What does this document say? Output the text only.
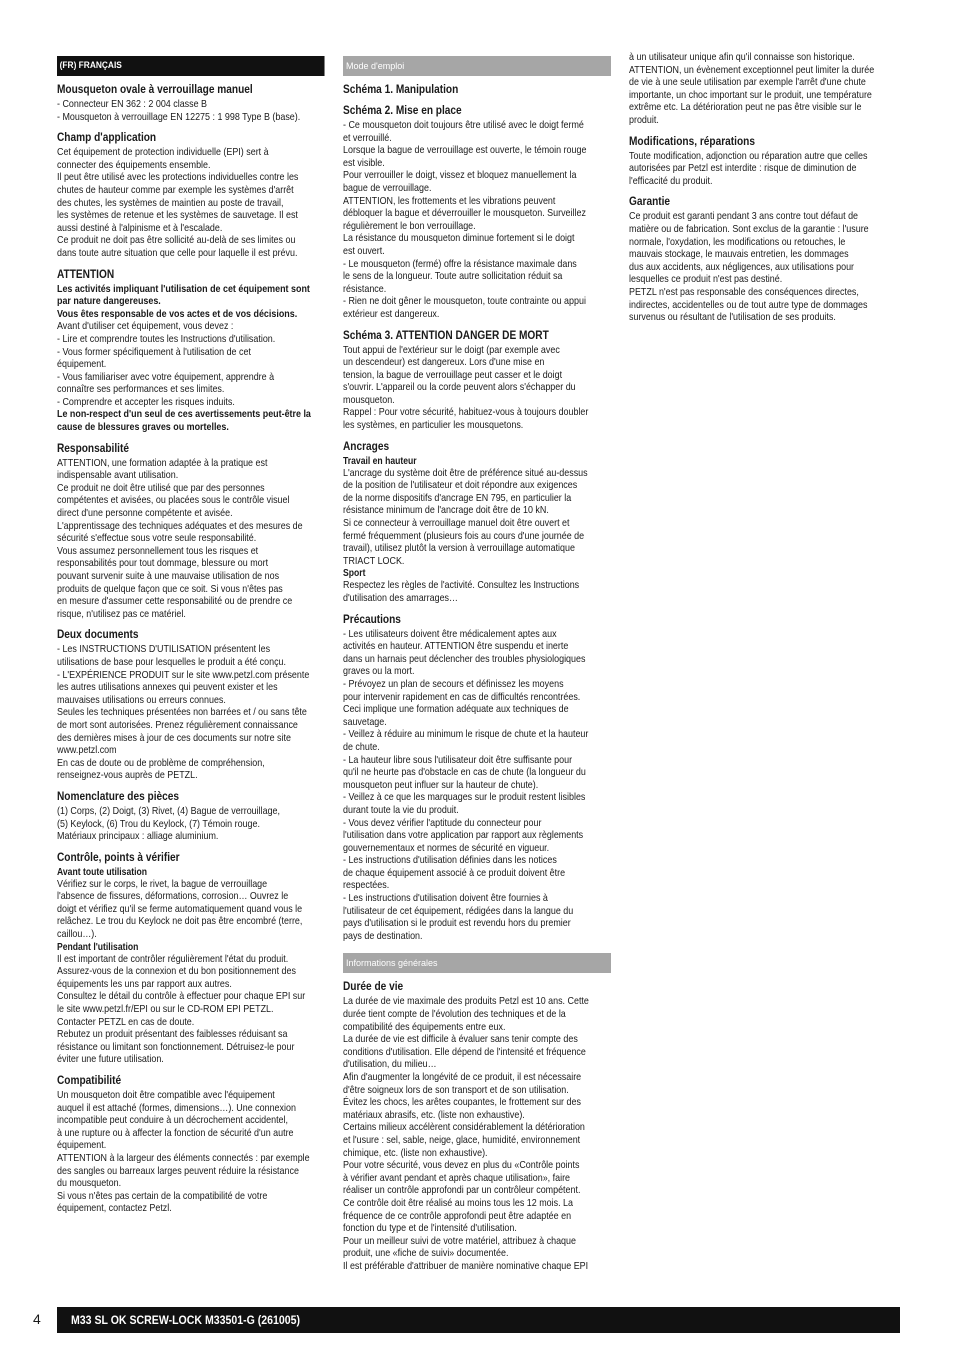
(FR) FRANÇAIS
Mousqueton ovale à verrouillage manuel
- Connecteur EN 362 : 2 004 classe B
- Mousqueton à verrouillage EN 12275 : 1 998 Type B (base).
Champ d'application
Cet équipement de protection individuelle (EPI) sert à
connecter des équipements ensemble.
Il peut être utilisé avec les protections individuelles contre les
chutes de hauteur comme par exemple les systèmes d'arrêt
des chutes, les systèmes de maintien au poste de travail,
les systèmes de retenue et les systèmes de sauvetage. Il est
aussi destiné à l'alpinisme et à l'escalade.
Ce produit ne doit pas être sollicité au-delà de ses limites ou
dans toute autre situation que celle pour laquelle il est prévu.
ATTENTION
Les activités impliquant l'utilisation de cet équipement sont
par nature dangereuses.
Vous êtes responsable de vos actes et de vos décisions.
Avant d'utiliser cet équipement, vous devez :
- Lire et comprendre toutes les Instructions d'utilisation.
- Vous former spécifiquement à l'utilisation de cet
équipement.
- Vous familiariser avec votre équipement, apprendre à
connaître ses performances et ses limites.
- Comprendre et accepter les risques induits.
Le non-respect d'un seul de ces avertissements peut-être la
cause de blessures graves ou mortelles.
Responsabilité
ATTENTION, une formation adaptée à la pratique est
indispensable avant utilisation.
Ce produit ne doit être utilisé que par des personnes
compétentes et avisées, ou placées sous le contrôle visuel
direct d'une personne compétente et avisée.
L'apprentissage des techniques adéquates et des mesures de
sécurité s'effectue sous votre seule responsabilité.
Vous assumez personnellement tous les risques et
responsabilités pour tout dommage, blessure ou mort
pouvant survenir suite à une mauvaise utilisation de nos
produits de quelque façon que ce soit. Si vous n'êtes pas
en mesure d'assumer cette responsabilité ou de prendre ce
risque, n'utilisez pas ce matériel.
Deux documents
- Les INSTRUCTIONS D'UTILISATION présentent les
utilisations de base pour lesquelles le produit a été conçu.
- L'EXPÉRIENCE PRODUIT sur le site www.petzl.com présente
les autres utilisations annexes qui peuvent exister et les
mauvaises utilisations ou erreurs connues.
Seules les techniques présentées non barrées et / ou sans tête
de mort sont autorisées. Prenez régulièrement connaissance
des dernières mises à jour de ces documents sur notre site
www.petzl.com
En cas de doute ou de problème de compréhension,
renseignez-vous auprès de PETZL.
Nomenclature des pièces
(1) Corps, (2) Doigt, (3) Rivet, (4) Bague de verrouillage,
(5) Keylock, (6) Trou du Keylock, (7) Témoin rouge.
Matériaux principaux : alliage aluminium.
Contrôle, points à vérifier
Avant toute utilisation
Vérifiez sur le corps, le rivet, la bague de verrouillage
l'absence de fissures, déformations, corrosion… Ouvrez le
doigt et vérifiez qu'il se ferme automatiquement quand vous le
relâchez. Le trou du Keylock ne doit pas être encombré (terre,
caillou…).
Pendant l'utilisation
Il est important de contrôler régulièrement l'état du produit.
Assurez-vous de la connexion et du bon positionnement des
équipements les uns par rapport aux autres.
Consultez le détail du contrôle à effectuer pour chaque EPI sur
le site www.petzl.fr/EPI ou sur le CD-ROM EPI PETZL.
Contacter PETZL en cas de doute.
Rebutez un produit présentant des faiblesses réduisant sa
résistance ou limitant son fonctionnement. Détruisez-le pour
éviter une future utilisation.
Compatibilité
Un mousqueton doit être compatible avec l'équipement
auquel il est attaché (formes, dimensions…). Une connexion
incompatible peut conduire à un décrochement accidentel,
à une rupture ou à affecter la fonction de sécurité d'un autre
équipement.
ATTENTION à la largeur des éléments connectés : par exemple
des sangles ou barreaux larges peuvent réduire la résistance
du mousqueton.
Si vous n'êtes pas certain de la compatibilité de votre
équipement, contactez Petzl.
Mode d'emploi
Schéma 1. Manipulation
Schéma 2. Mise en place
- Ce mousqueton doit toujours être utilisé avec le doigt fermé
et verrouillé.
Lorsque la bague de verrouillage est ouverte, le témoin rouge
est visible.
Pour verrouiller le doigt, vissez et bloquez manuellement la
bague de verrouillage.
ATTENTION, les frottements et les vibrations peuvent
débloquer la bague et déverrouiller le mousqueton. Surveillez
régulièrement le bon verrouillage.
La résistance du mousqueton diminue fortement si le doigt
est ouvert.
- Le mousqueton (fermé) offre la résistance maximale dans
le sens de la longueur. Toute autre sollicitation réduit sa
résistance.
- Rien ne doit gêner le mousqueton, toute contrainte ou appui
extérieur est dangereux.
Schéma 3. ATTENTION DANGER DE MORT
Tout appui de l'extérieur sur le doigt (par exemple avec
un descendeur) est dangereux. Lors d'une mise en
tension, la bague de verrouillage peut casser et le doigt
s'ouvrir. L'appareil ou la corde peuvent alors s'échapper du
mousqueton.
Rappel : Pour votre sécurité, habituez-vous à toujours doubler
les systèmes, en particulier les mousquetons.
Ancrages
Travail en hauteur
L'ancrage du système doit être de préférence situé au-dessus
de la position de l'utilisateur et doit répondre aux exigences
de la norme dispositifs d'ancrage EN 795, en particulier la
résistance minimum de l'ancrage doit être de 10 kN.
Si ce connecteur à verrouillage manuel doit être ouvert et
fermé fréquemment (plusieurs fois au cours d'une journée de
travail), utilisez plutôt la version à verrouillage automatique
TRIACT LOCK.
Sport
Respectez les règles de l'activité. Consultez les Instructions
d'utilisation des amarrages…
Précautions
- Les utilisateurs doivent être médicalement aptes aux
activités en hauteur. ATTENTION être suspendu et inerte
dans un harnais peut déclencher des troubles physiologiques
graves ou la mort.
- Prévoyez un plan de secours et définissez les moyens
pour intervenir rapidement en cas de difficultés rencontrées.
Ceci implique une formation adéquate aux techniques de
sauvetage.
- Veillez à réduire au minimum le risque de chute et la hauteur
de chute.
- La hauteur libre sous l'utilisateur doit être suffisante pour
qu'il ne heurte pas d'obstacle en cas de chute (la longueur du
mousqueton peut influer sur la hauteur de chute).
- Veillez à ce que les marquages sur le produit restent lisibles
durant toute la vie du produit.
- Vous devez vérifier l'aptitude du connecteur pour
l'utilisation dans votre application par rapport aux règlements
gouvernementaux et normes de sécurité en vigueur.
- Les instructions d'utilisation définies dans les notices
de chaque équipement associé à ce produit doivent être
respectées.
- Les instructions d'utilisation doivent être fournies à
l'utilisateur de cet équipement, rédigées dans la langue du
pays d'utilisation si le produit est revendu hors du premier
pays de destination.
Informations générales
Durée de vie
La durée de vie maximale des produits Petzl est 10 ans. Cette
durée tient compte de l'évolution des techniques et de la
compatibilité des équipements entre eux.
La durée de vie est difficile à évaluer sans tenir compte des
conditions d'utilisation. Elle dépend de l'intensité et fréquence
d'utilisation, du milieu…
Afin d'augmenter la longévité de ce produit, il est nécessaire
d'être soigneux lors de son transport et de son utilisation.
Évitez les chocs, les arêtes coupantes, le frottement sur des
matériaux abrasifs, etc. (liste non exhaustive).
Certains milieux accélèrent considérablement la détérioration
et l'usure : sel, sable, neige, glace, humidité, environnement
chimique, etc. (liste non exhaustive).
Pour votre sécurité, vous devez en plus du «Contrôle points
à vérifier avant pendant et après chaque utilisation», faire
réaliser un contrôle approfondi par un contrôleur compétent.
Ce contrôle doit être réalisé au moins tous les 12 mois. La
fréquence de ce contrôle approfondi peut être adaptée en
fonction du type et de l'intensité d'utilisation.
Pour un meilleur suivi de votre matériel, attribuez à chaque
produit, une «fiche de suivi» documentée.
Il est préférable d'attribuer de manière nominative chaque EPI
à un utilisateur unique afin qu'il connaisse son historique.
ATTENTION, un évènement exceptionnel peut limiter la durée
de vie à une seule utilisation par exemple l'arrêt d'une chute
importante, un choc important sur le produit, une température
extrême etc. La détérioration peut ne pas être visible sur le
produit.
Modifications, réparations
Toute modification, adjonction ou réparation autre que celles
autorisées par Petzl est interdite : risque de diminution de
l'efficacité du produit.
Garantie
Ce produit est garanti pendant 3 ans contre tout défaut de
matière ou de fabrication. Sont exclus de la garantie : l'usure
normale, l'oxydation, les modifications ou retouches, le
mauvais stockage, le mauvais entretien, les dommages
dus aux accidents, aux négligences, aux utilisations pour
lesquelles ce produit n'est pas destiné.
PETZL n'est pas responsable des conséquences directes,
indirectes, accidentelles ou de tout autre type de dommages
survenus ou résultant de l'utilisation de ses produits.
4	M33 SL OK SCREW-LOCK M33501-G (261005)
